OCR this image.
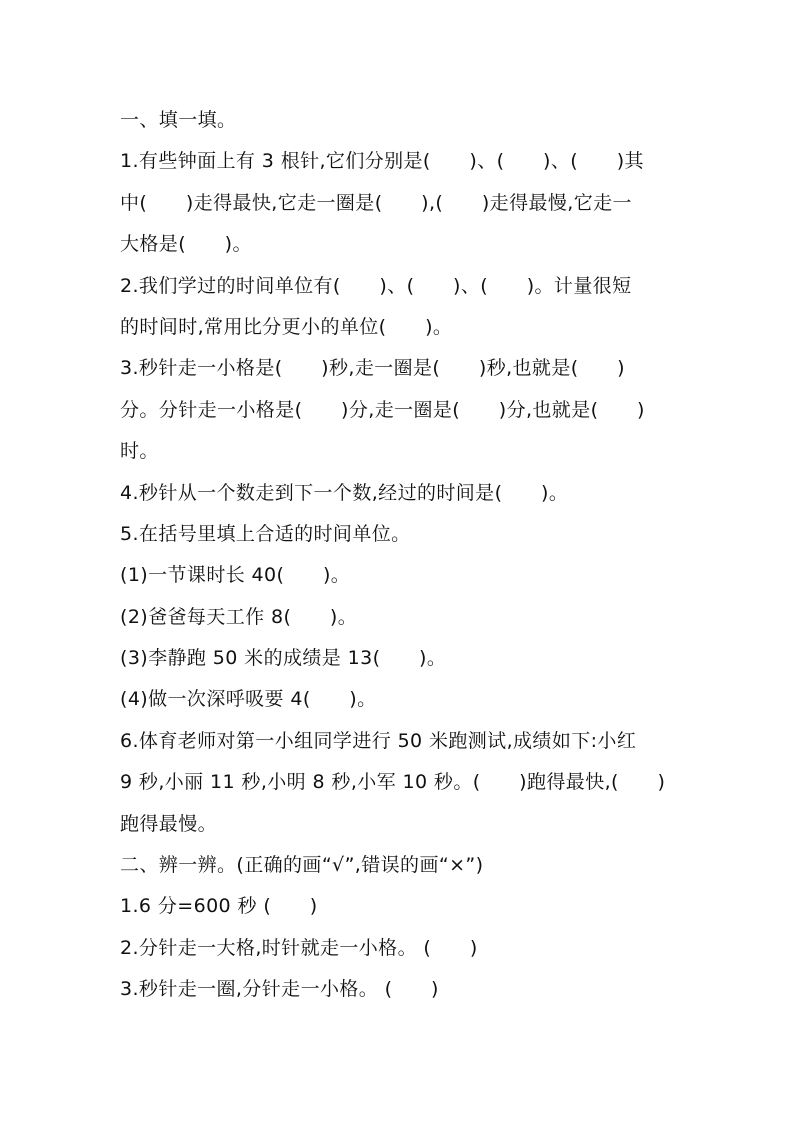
一、填一填。
1.有些钟面上有 3 根针,它们分别是(      )、(      )、(      )其
中(      )走得最快,它走一圈是(      ),(      )走得最慢,它走一
大格是(      )。
2.我们学过的时间单位有(      )、(      )、(      )。计量很短
的时间时,常用比分更小的单位(      )。
3.秒针走一小格是(      )秒,走一圈是(      )秒,也就是(      )
分。分针走一小格是(      )分,走一圈是(      )分,也就是(      )
时。
4.秒针从一个数走到下一个数,经过的时间是(      )。
5.在括号里填上合适的时间单位。
(1)一节课时长 40(      )。
(2)爸爸每天工作 8(      )。
(3)李静跑 50 米的成绩是 13(      )。
(4)做一次深呼吸要 4(      )。
6.体育老师对第一小组同学进行 50 米跑测试,成绩如下:小红
9 秒,小丽 11 秒,小明 8 秒,小军 10 秒。(      )跑得最快,(      )
跑得最慢。
二、辨一辨。(正确的画“√”,错误的画“×”)
1.6 分=600 秒 (      )
2.分针走一大格,时针就走一小格。 (      )
3.秒针走一圈,分针走一小格。 (      )
